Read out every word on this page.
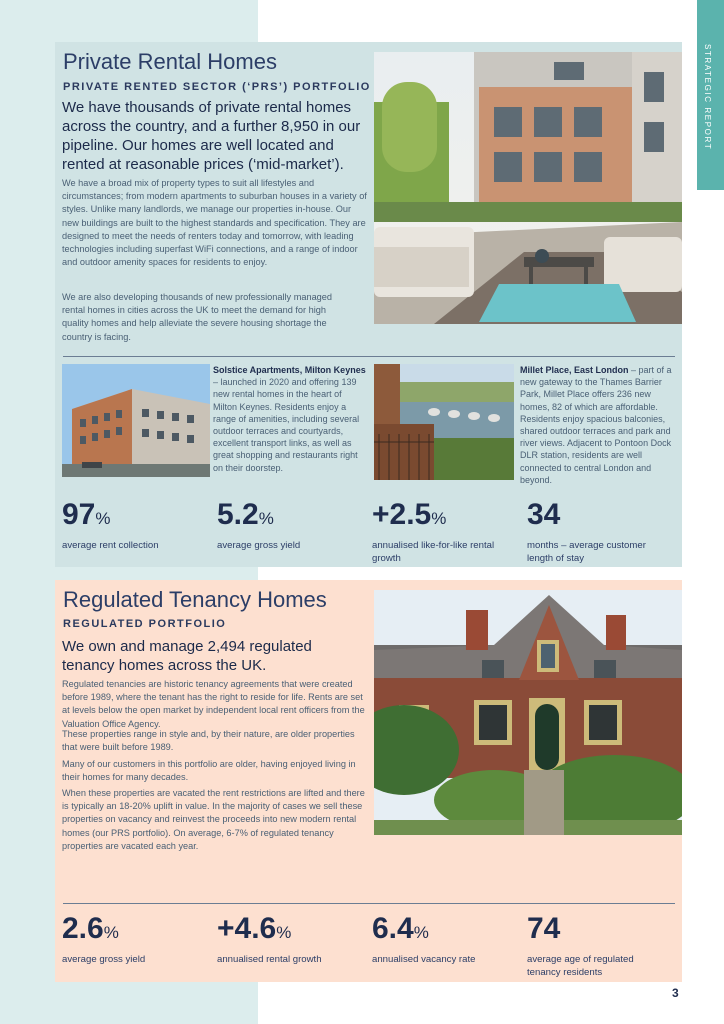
STRATEGIC REPORT
Private Rental Homes
PRIVATE RENTED SECTOR (‘PRS’) PORTFOLIO

We have thousands of private rental homes across the country, and a further 8,950 in our pipeline. Our homes are well located and rented at reasonable prices (‘mid-market’).

We have a broad mix of property types to suit all lifestyles and circumstances; from modern apartments to suburban houses in a variety of styles. Unlike many landlords, we manage our properties in-house. Our new buildings are built to the highest standards and specification. They are designed to meet the needs of renters today and tomorrow, with leading technologies including superfast WiFi connections, and a range of indoor and outdoor amenity spaces for residents to enjoy.

We are also developing thousands of new professionally managed rental homes in cities across the UK to meet the demand for high quality homes and help alleviate the severe housing shortage the country is facing.

Solstice Apartments, Milton Keynes – launched in 2020 and offering 139 new rental homes in the heart of Milton Keynes. Residents enjoy a range of amenities, including several outdoor terraces and courtyards, excellent transport links, as well as great shopping and restaurants right on their doorstep.

Millet Place, East London – part of a new gateway to the Thames Barrier Park, Millet Place offers 236 new homes, 82 of which are affordable. Residents enjoy spacious balconies, shared outdoor terraces and park and river views. Adjacent to Pontoon Dock DLR station, residents are well connected to central London and beyond.

97%
average rent collection
5.2%
average gross yield
+2.5%
annualised like-for-like rental growth
34
months – average customer length of stay
Regulated Tenancy Homes
REGULATED PORTFOLIO

We own and manage 2,494 regulated tenancy homes across the UK.

Regulated tenancies are historic tenancy agreements that were created before 1989, where the tenant has the right to reside for life. Rents are set at levels below the open market by independent local rent officers from the Valuation Office Agency.

These properties range in style and, by their nature, are older properties that were built before 1989.

Many of our customers in this portfolio are older, having enjoyed living in their homes for many decades.

When these properties are vacated the rent restrictions are lifted and there is typically an 18-20% uplift in value. In the majority of cases we sell these properties on vacancy and reinvest the proceeds into new modern rental homes (our PRS portfolio). On average, 6-7% of regulated tenancy properties are vacated each year.

2.6%
average gross yield
+4.6%
annualised rental growth
6.4%
annualised vacancy rate
74
average age of regulated tenancy residents
3
